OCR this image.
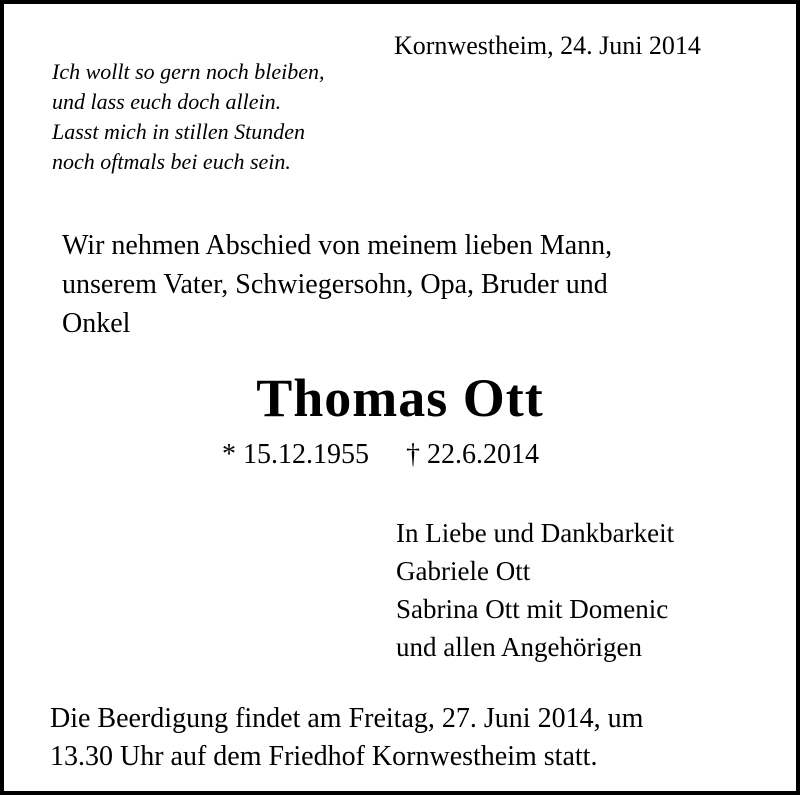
Kornwestheim, 24. Juni 2014
Ich wollt so gern noch bleiben,
und lass euch doch allein.
Lasst mich in stillen Stunden
noch oftmals bei euch sein.
Wir nehmen Abschied von meinem lieben Mann,
unserem Vater, Schwiegersohn, Opa, Bruder und
Onkel
Thomas Ott
* 15.12.1955 † 22.6.2014
In Liebe und Dankbarkeit
Gabriele Ott
Sabrina Ott mit Domenic
und allen Angehörigen
Die Beerdigung findet am Freitag, 27. Juni 2014, um
13.30 Uhr auf dem Friedhof Kornwestheim statt.
